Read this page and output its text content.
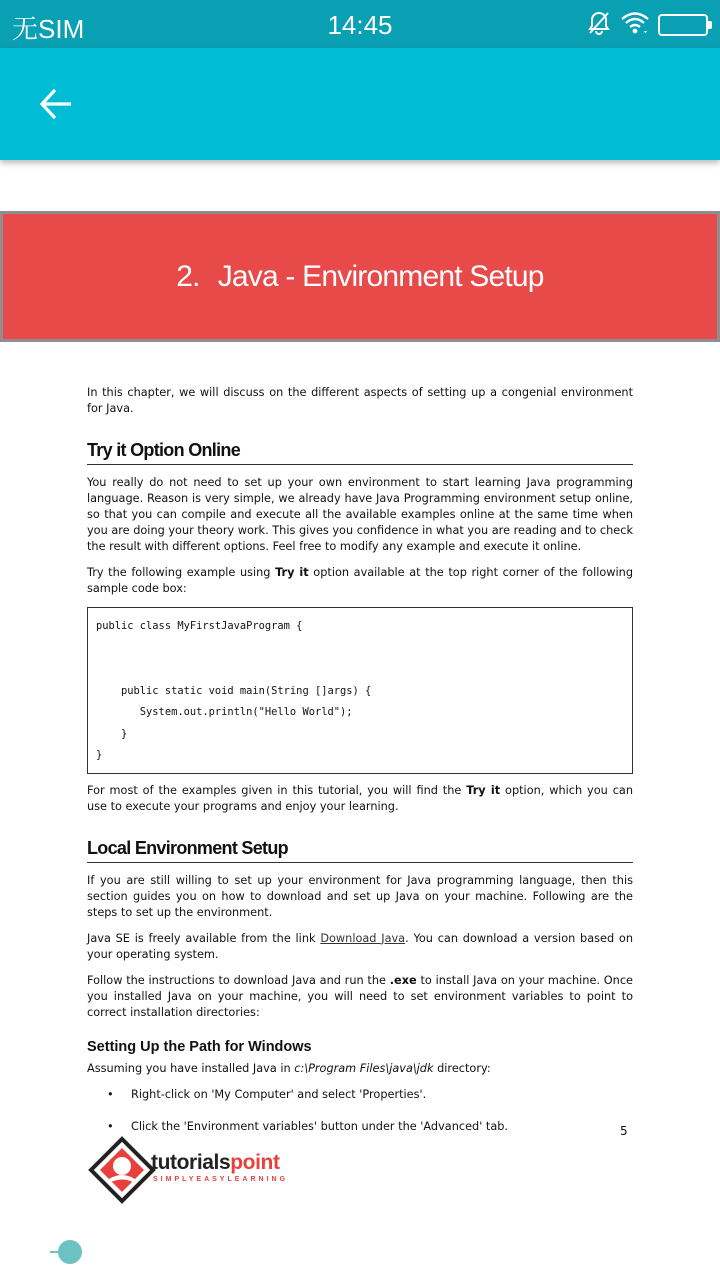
无SIM	14:45
2. Java - Environment Setup

In this chapter, we will discuss on the different aspects of setting up a congenial environment for Java.

Try it Option Online

You really do not need to set up your own environment to start learning Java programming language. Reason is very simple, we already have Java Programming environment setup online, so that you can compile and execute all the available examples online at the same time when you are doing your theory work. This gives you confidence in what you are reading and to check the result with different options. Feel free to modify any example and execute it online.

Try the following example using Try it option available at the top right corner of the following sample code box:

public class MyFirstJavaProgram {

public static void main(String []args) {
System.out.println("Hello World");
}
}

For most of the examples given in this tutorial, you will find the Try it option, which you can use to execute your programs and enjoy your learning.

Local Environment Setup

If you are still willing to set up your environment for Java programming language, then this section guides you on how to download and set up Java on your machine. Following are the steps to set up the environment.

Java SE is freely available from the link Download Java. You can download a version based on your operating system.

Follow the instructions to download Java and run the .exe to install Java on your machine. Once you installed Java on your machine, you will need to set environment variables to point to correct installation directories:

Setting Up the Path for Windows

Assuming you have installed Java in c:\Program Files\java\jdk directory:

• Right-click on 'My Computer' and select 'Properties'.
• Click the 'Environment variables' button under the 'Advanced' tab.	5
tutorialspoint
SIMPLYEASYLEARNING
